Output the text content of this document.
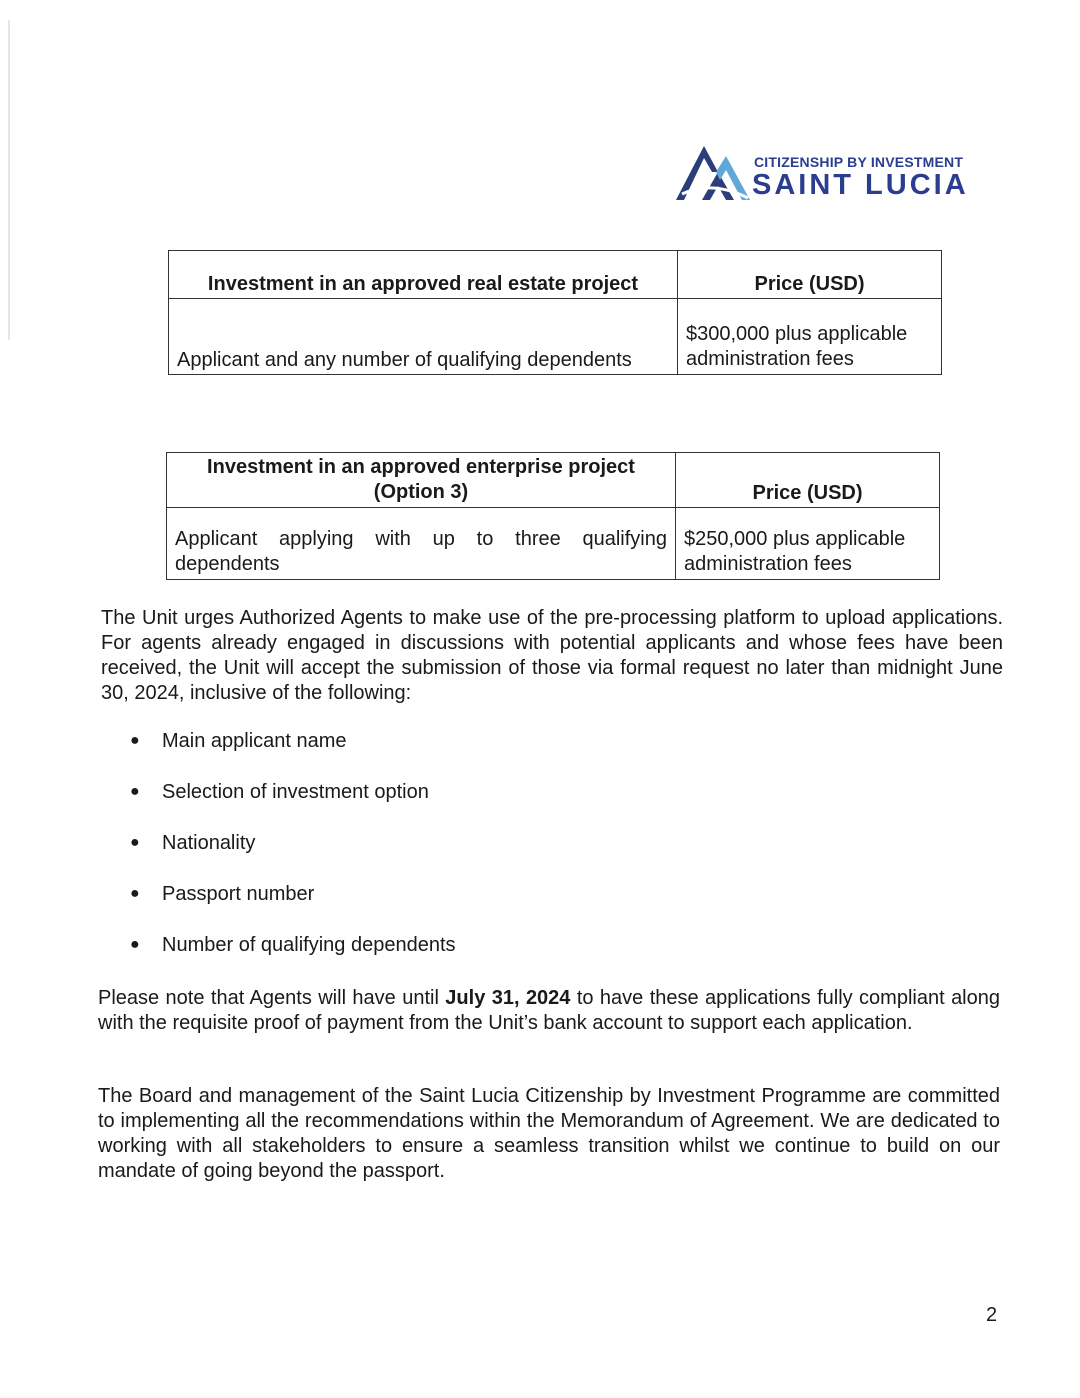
CITIZENSHIP BY INVESTMENT
SAINT LUCIA
Investment in an approved real estate project	Price (USD)
Applicant and any number of qualifying dependents	$300,000 plus applicable administration fees
Investment in an approved enterprise project (Option 3)	Price (USD)
Applicant applying with up to three qualifying dependents	$250,000 plus applicable administration fees

The Unit urges Authorized Agents to make use of the pre-processing platform to upload applications. For agents already engaged in discussions with potential applicants and whose fees have been received, the Unit will accept the submission of those via formal request no later than midnight June 30, 2024, inclusive of the following:

●	Main applicant name
●	Selection of investment option
●	Nationality
●	Passport number
●	Number of qualifying dependents

Please note that Agents will have until July 31, 2024 to have these applications fully compliant along with the requisite proof of payment from the Unit’s bank account to support each application.

The Board and management of the Saint Lucia Citizenship by Investment Programme are committed to implementing all the recommendations within the Memorandum of Agreement. We are dedicated to working with all stakeholders to ensure a seamless transition whilst we continue to build on our mandate of going beyond the passport.

2
